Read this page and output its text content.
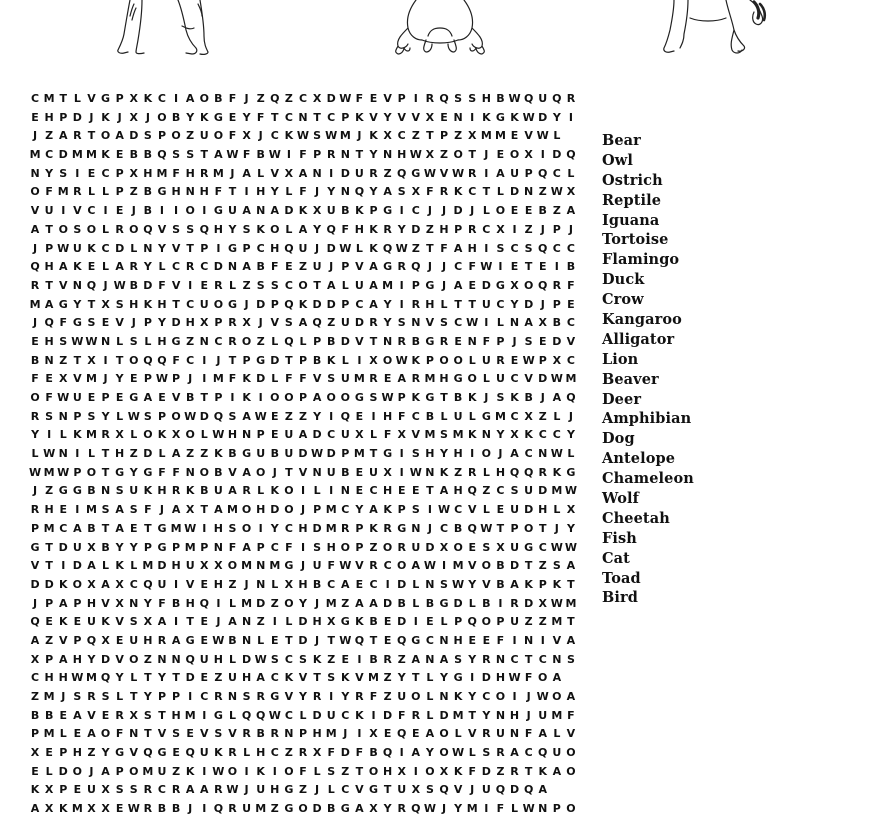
C M T L V G P X K C I A O B F J Z Q Z C X D W F E V P I R Q S S H B W Q U Q R
E H P D J K J X J O B Y K G E Y F T C N T C P K V Y V V X E N I K G K W D Y I
J Z A R T O A D S P O Z U O F X J C K W S W M J K X C Z T P Z X M M E V W L
M C D M M K E B B Q S S T A W F B W I F P R N T Y N H W X Z O T J E O X I D Q
N Y S I E C P X H M F H R M J A L V X A N I D U R Z Q G W V W R I A U P Q C L
O F M R L L P Z B G H N H F T I H Y L F J Y N Q Y A S X F R K C T L D N Z W X
V U I V C I E J B I I O I G U A N A D K X U B K P G I C J J D J L O E E B Z A
A T O S O L R O Q V S S Q H Y S K O L A Y Q F H K R Y D Z H P R C X I Z J P J
J P W U K C D L N Y V T P I G P C H Q U J D W L K Q W Z T F A H I S C S Q C C
Q H A K E L A R Y L C R C D N A B F E Z U J P V A G R Q J J C F W I E T E I B
R T V N Q J W B D F V I E R L Z S S C O T A L U A M I P G J A E D G X O Q R F
M A G Y T X S H K H T C U O G J D P Q K D D P C A Y I R H L T T U C Y D J P E
J Q F G S E V J P Y D H X P R X J V S A Q Z U D R Y S N V S C W I L N A X B C
E H S W W N L S L H G Z N C R O Z L Q L P B D V T N R B G R E N F P J S E D V
B N Z T X I T O Q Q F C I J T P G D T P B K L I X O W K P O O L U R E W P X C
F E X V M J Y E P W P J I M F K D L F F V S U M R E A R M H G O L U C V D W M
O F W U E P E G A E V B T P I K I O O P A O O G S W P K G T B K J S K B J A Q
R S N P S Y L W S P O W D Q S A W E Z Z Y I Q E I H F C B L U L G M C X Z L J
Y I L K M R X L O K X O L W H N P E U A D C U X L F X V M S M K N Y X K C C Y
L W N I L T H Z D L A Z Z K B G U B U D W D P M T G I S H Y H I O J A C N W L
W M W P O T G Y G F F N O B V A O J T V N U B E U X I W N K Z R L H Q Q R K G
J Z G G B N S U K H R K B U A R L K O I L I N E C H E E T A H Q Z C S U D M W
R H E I M S A S F J A X T A M O H D O J P M C Y A K P S I W C V L E U D H L X
P M C A B T A E T G M W I H S O I Y C H D M R P K R G N J C B Q W T P O T J Y
G T D U X B Y Y P G P M P N F A P C F I S H O P Z O R U D X O E S X U G C W W
V T I D A L K L M D H U X X O M N M G J U F W V R C O A W I M V O B D T Z S A
D D K O X A X C Q U I V E H Z J N L X H B C A E C I D L N S W Y V B A K P K T
J P A P H V X N Y F B H Q I L M D Z O Y J M Z A A D B L B G D L B I R D X W M
Q E K E U K V S X A I T E J A N Z I L D H X G K B E D I E L P Q O P U Z Z M T
A Z V P Q X E U H R A G E W B N L E T D J T W Q T E Q G C N H E E F I N I V A
X P A H Y D V O Z N N Q U H L D W S C S K Z E I B R Z A N A S Y R N C T C N S
C H H W M Q Y L T Y T D E Z U H A C K V T S K V M Z Y T L Y G I D H W F O A
Z M J S R S L T Y P P I C R N S R G V Y R I Y R F Z U O L N K Y C O I J W O A
B B E A V E R X S T H M I G L Q Q W C L D U C K I D F R L D M T Y N H J U M F
P M L E A O F N T V S E V S V R B R N P H M J I X E Q E A O L V R U N F A L V
X E P H Z Y G V Q G E Q U K R L H C Z R X F D F B Q I A Y O W L S R A C Q U O
E L D O J A P O M U Z K I W O I K I O F L S Z T O H X I O X K F D Z R T K A O
K X P E U X S S R C R A A R W J U H G Z J L C V G T U X S Q V J U Q D Q A
A X K M X X E W R B B J I Q R U M Z G O D B G A X Y R Q W J Y M I F L W N P O
Bear
Owl
Ostrich
Reptile
Iguana
Tortoise
Flamingo
Duck
Crow
Kangaroo
Alligator
Lion
Beaver
Deer
Amphibian
Dog
Antelope
Chameleon
Wolf
Cheetah
Fish
Cat
Toad
Bird
